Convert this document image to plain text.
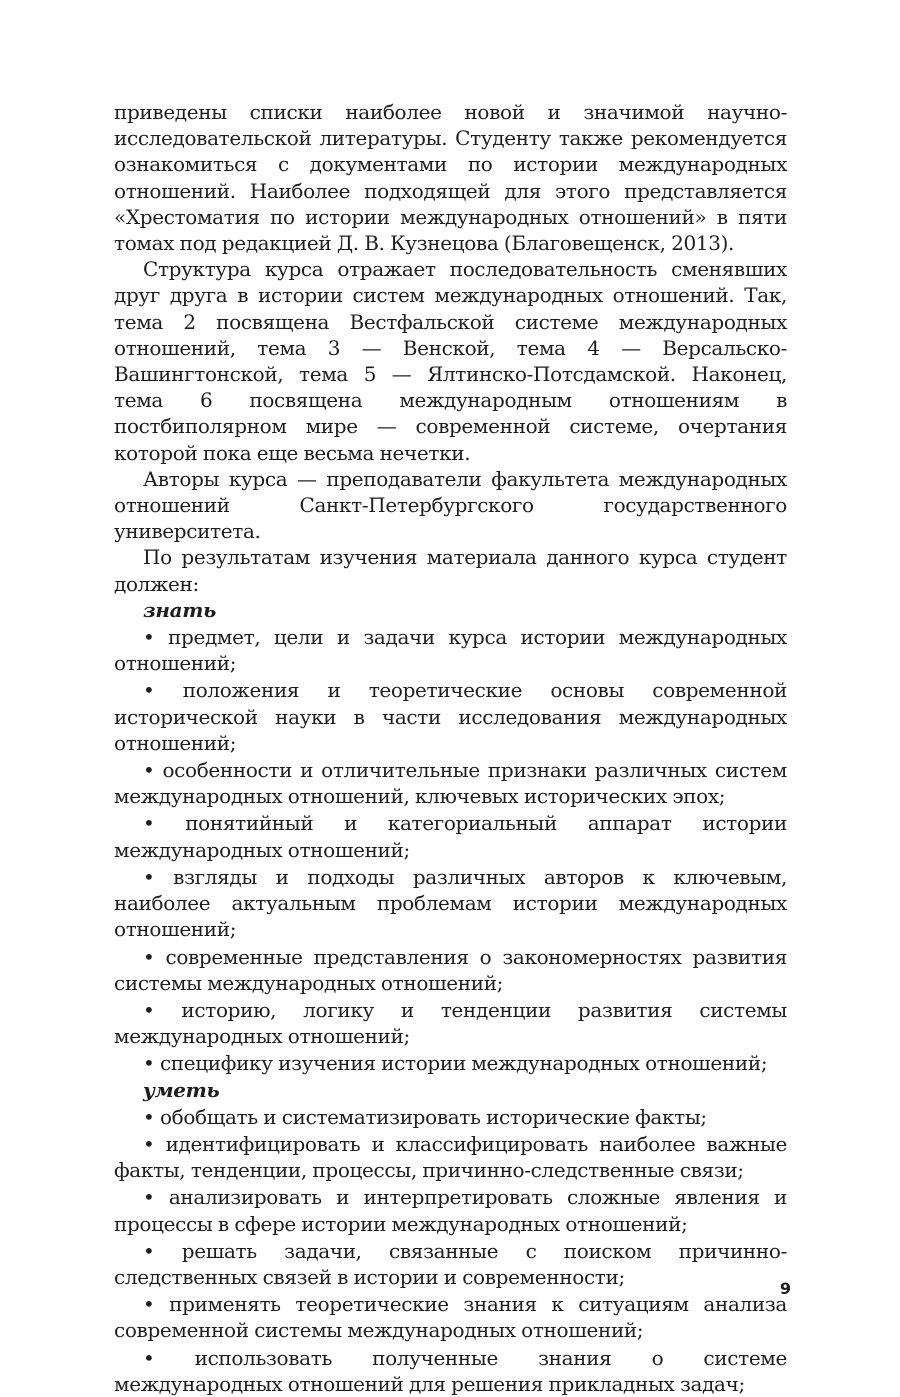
приведены списки наиболее новой и значимой научно-исследовательской литературы. Студенту также рекомендуется ознакомиться с документами по истории международных отношений. Наиболее подходящей для этого представляется «Хрестоматия по истории международных отношений» в пяти томах под редакцией Д. В. Кузнецова (Благовещенск, 2013).

Структура курса отражает последовательность сменявших друг друга в истории систем международных отношений. Так, тема 2 посвящена Вестфальской системе международных отношений, тема 3 — Венской, тема 4 — Версальско-Вашингтонской, тема 5 — Ялтинско-Потсдамской. Наконец, тема 6 посвящена международным отношениям в постбиполярном мире — современной системе, очертания которой пока еще весьма нечетки.

Авторы курса — преподаватели факультета международных отношений Санкт-Петербургского государственного университета.

По результатам изучения материала данного курса студент должен:

знать

• предмет, цели и задачи курса истории международных отношений;

• положения и теоретические основы современной исторической науки в части исследования международных отношений;

• особенности и отличительные признаки различных систем международных отношений, ключевых исторических эпох;

• понятийный и категориальный аппарат истории международных отношений;

• взгляды и подходы различных авторов к ключевым, наиболее актуальным проблемам истории международных отношений;

• современные представления о закономерностях развития системы международных отношений;

• историю, логику и тенденции развития системы международных отношений;

• специфику изучения истории международных отношений;

уметь

• обобщать и систематизировать исторические факты;

• идентифицировать и классифицировать наиболее важные факты, тенденции, процессы, причинно-следственные связи;

• анализировать и интерпретировать сложные явления и процессы в сфере истории международных отношений;

• решать задачи, связанные с поиском причинно-следственных связей в истории и современности;

• применять теоретические знания к ситуациям анализа современной системы международных отношений;

• использовать полученные знания о системе международных отношений для решения прикладных задач;

9
